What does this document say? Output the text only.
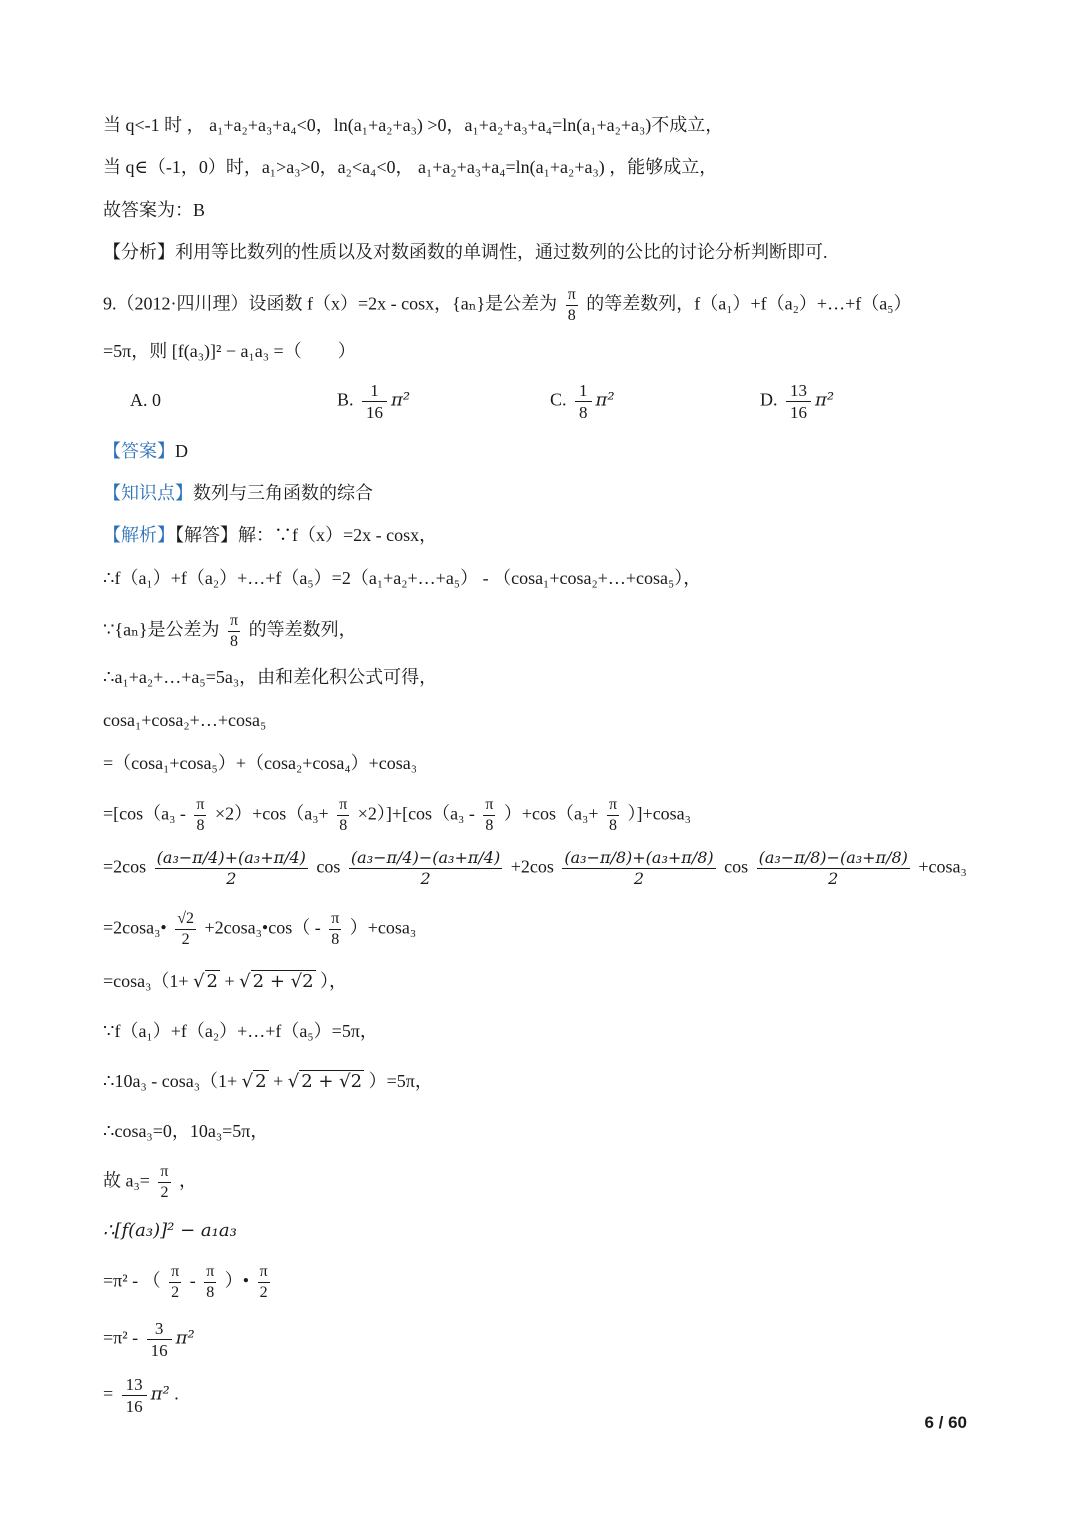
当 q<-1 时 ， a₁+a₂+a₃+a₄<0，ln(a₁+a₂+a₃) >0，a₁+a₂+a₃+a₄=ln(a₁+a₂+a₃)不成立，
当 q∈（-1，0）时，a₁>a₃>0，a₂<a₄<0， a₁+a₂+a₃+a₄=ln(a₁+a₂+a₃) ，能够成立，
故答案为：B
【分析】利用等比数列的性质以及对数函数的单调性，通过数列的公比的讨论分析判断即可.
9.（2012·四川理）设函数 f（x）=2x - cosx，{aₙ}是公差为 $\frac{\pi}{8}$ 的等差数列，f（a₁）+f（a₂）+…+f（a₅）
=5π，则 [f(a₃)]² − a₁a₃ =（　　）
A. 0	B. $\frac{1}{16} \pi^2$	C. $\frac{1}{8} \pi^2$	D. $\frac{13}{16} \pi^2$
【答案】D
【知识点】数列与三角函数的综合
【解析】【解答】解：∵f（x）=2x - cosx，
∴f（a₁）+f（a₂）+…+f（a₅）=2（a₁+a₂+…+a₅） - （cosa₁+cosa₂+…+cosa₅），
∵{aₙ}是公差为 $\frac{\pi}{8}$ 的等差数列，
∴a₁+a₂+…+a₅=5a₃，由和差化积公式可得，
cosa₁+cosa₂+…+cosa₅
=（cosa₁+cosa₅）+（cosa₂+cosa₄）+cosa₃
$=[\cos(a_3 - \frac{\pi}{8} \times 2)+\cos(a_3+ \frac{\pi}{8} \times 2)]+[\cos(a_3 - \frac{\pi}{8} )+\cos(a_3+ \frac{\pi}{8} )]+\cos a_3$
$=2\cos \frac{\text{(a₃−π/4)+(a₃+π/4)}}{2}$ $\cos \frac{\text{(a₃−π/4)−(a₃+π/4)}}{2} +2\cos \frac{\text{(a₃−π/8)+(a₃+π/8)}}{2}$ $\cos \frac{\text{(a₃−π/8)−(a₃+π/8)}}{2} +\cos a_3$
=2cosa₃• $\frac{√2}{2}$ +2cosa₃•cos（ - $\frac{\pi}{8} )+\cos a_3$
=cosa₃（1+ √ 2 + √ 2 + √2 ），
∵f（a₁）+f（a₂）+…+f（a₅）=5π，
∴10a₃ - cosa₃（1+ √ 2 + √ 2 + √2 ）=5π，
∴cosa₃=0，10a₃=5π，
故 $a_3= \frac{\pi}{2}$ ，
∴[f(a₃)]² − a₁a₃
=π² - （ $\frac{\pi}{2} - \frac{\pi}{8}$ ）• $\frac{\pi}{2}$
$=\pi^2 - \frac{3}{16} \pi^2$
= $\frac{13}{16} \pi^2$ .
6 / 60
